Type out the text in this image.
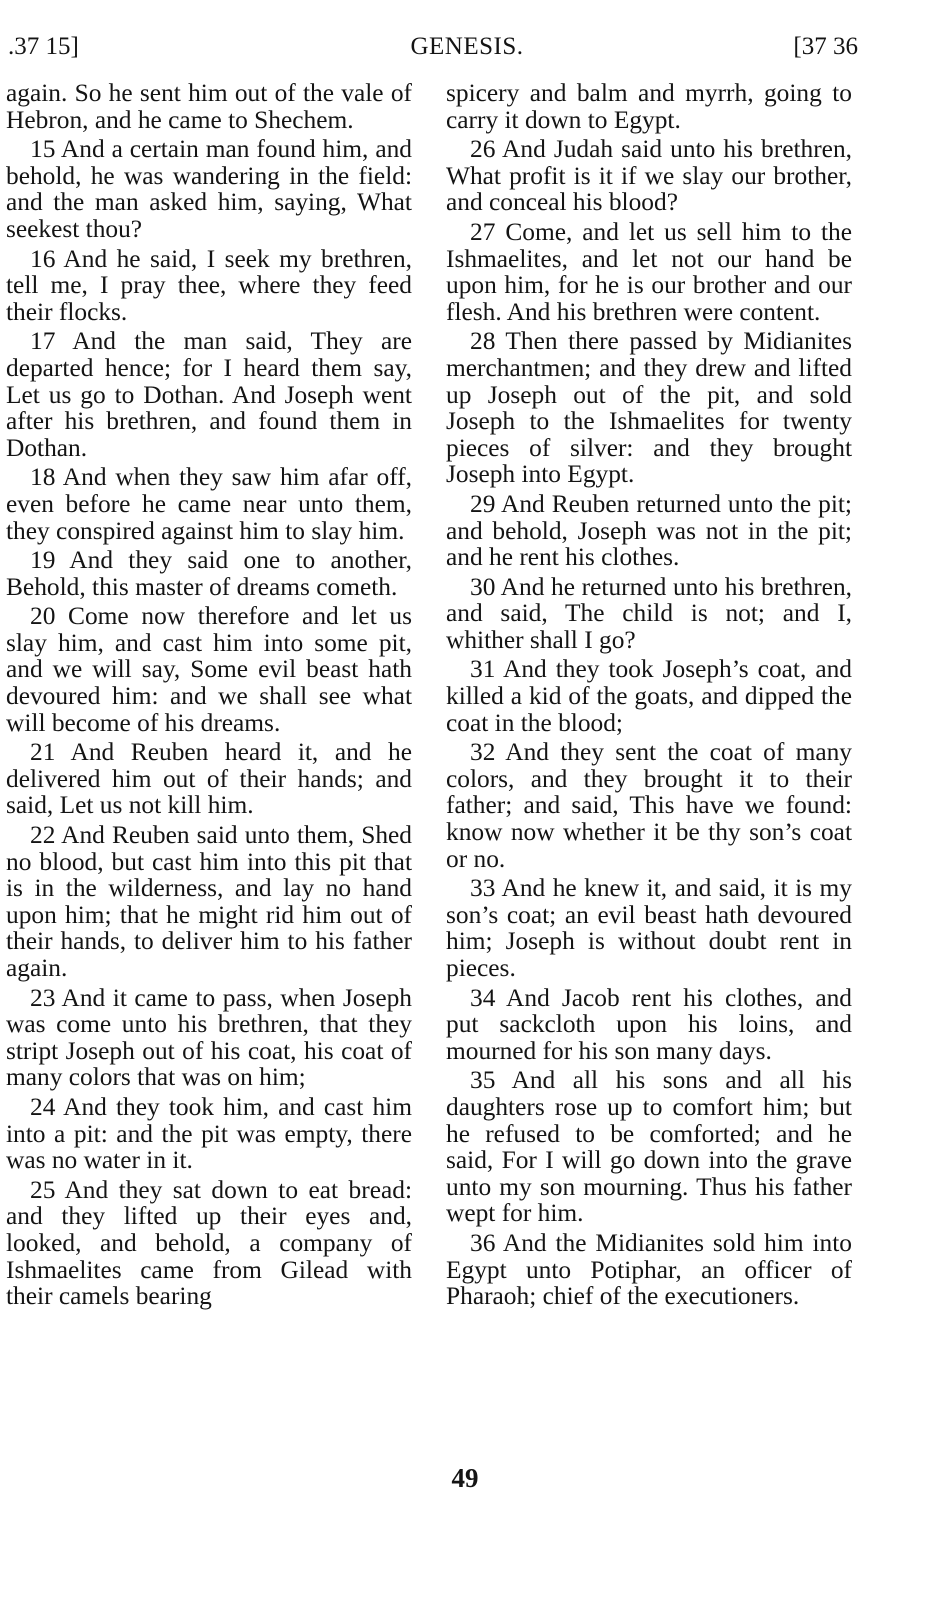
.37 15]	GENESIS.	[37 36

again. So he sent him out of the vale of Hebron, and he came to Shechem.

15 And a certain man found him, and behold, he was wandering in the field: and the man asked him, saying, What seekest thou?

16 And he said, I seek my brethren, tell me, I pray thee, where they feed their flocks.

17 And the man said, They are departed hence; for I heard them say, Let us go to Dothan. And Joseph went after his brethren, and found them in Dothan.

18 And when they saw him afar off, even before he came near unto them, they conspired against him to slay him.

19 And they said one to another, Behold, this master of dreams cometh.

20 Come now therefore and let us slay him, and cast him into some pit, and we will say, Some evil beast hath devoured him: and we shall see what will become of his dreams.

21 And Reuben heard it, and he delivered him out of their hands; and said, Let us not kill him.

22 And Reuben said unto them, Shed no blood, but cast him into this pit that is in the wilderness, and lay no hand upon him; that he might rid him out of their hands, to deliver him to his father again.

23 And it came to pass, when Joseph was come unto his brethren, that they stript Joseph out of his coat, his coat of many colors that was on him;

24 And they took him, and cast him into a pit: and the pit was empty, there was no water in it.

25 And they sat down to eat bread: and they lifted up their eyes and, looked, and behold, a company of Ishmaelites came from Gilead with their camels bearing

spicery and balm and myrrh, going to carry it down to Egypt.

26 And Judah said unto his brethren, What profit is it if we slay our brother, and conceal his blood?

27 Come, and let us sell him to the Ishmaelites, and let not our hand be upon him, for he is our brother and our flesh. And his brethren were content.

28 Then there passed by Midianites merchantmen; and they drew and lifted up Joseph out of the pit, and sold Joseph to the Ishmaelites for twenty pieces of silver: and they brought Joseph into Egypt.

29 And Reuben returned unto the pit; and behold, Joseph was not in the pit; and he rent his clothes.

30 And he returned unto his brethren, and said, The child is not; and I, whither shall I go?

31 And they took Joseph’s coat, and killed a kid of the goats, and dipped the coat in the blood;

32 And they sent the coat of many colors, and they brought it to their father; and said, This have we found: know now whether it be thy son’s coat or no.

33 And he knew it, and said, it is my son’s coat; an evil beast hath devoured him; Joseph is without doubt rent in pieces.

34 And Jacob rent his clothes, and put sackcloth upon his loins, and mourned for his son many days.

35 And all his sons and all his daughters rose up to comfort him; but he refused to be comforted; and he said, For I will go down into the grave unto my son mourning. Thus his father wept for him.

36 And the Midianites sold him into Egypt unto Potiphar, an officer of Pharaoh; chief of the executioners.

49
